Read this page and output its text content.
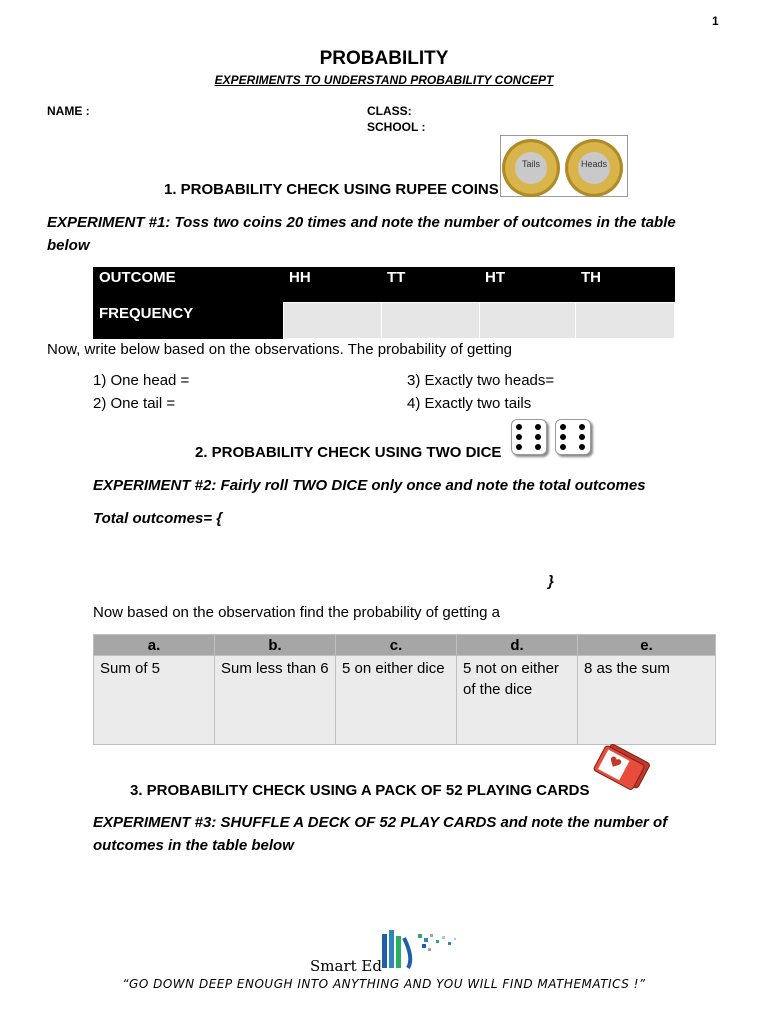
1
PROBABILITY
EXPERIMENTS TO UNDERSTAND PROBABILITY CONCEPT
NAME :	CLASS:
SCHOOL :
Tails	Heads
1. PROBABILITY CHECK USING RUPEE COINS
EXPERIMENT #1: Toss two coins 20 times and note the number of outcomes in the table
below
OUTCOME	HH	TT	HT	TH
FREQUENCY				
Now, write below based on the observations. The probability of getting
1) One head =
2) One tail =
3) Exactly two heads=
4) Exactly two tails
2. PROBABILITY CHECK USING TWO DICE
EXPERIMENT #2: Fairly roll TWO DICE only once and note the total outcomes
Total outcomes= {
}
Now based on the observation find the probability of getting a
a.	b.	c.	d.	e.
Sum of 5	Sum less than 6	5 on either dice	5 not on either of the dice	8 as the sum
3. PROBABILITY CHECK USING A PACK OF 52 PLAYING CARDS
EXPERIMENT #3: SHUFFLE A DECK OF 52 PLAY CARDS and note the number of
outcomes in the table below
Smart Ed
“GO DOWN DEEP ENOUGH INTO ANYTHING AND YOU WILL FIND MATHEMATICS !”
